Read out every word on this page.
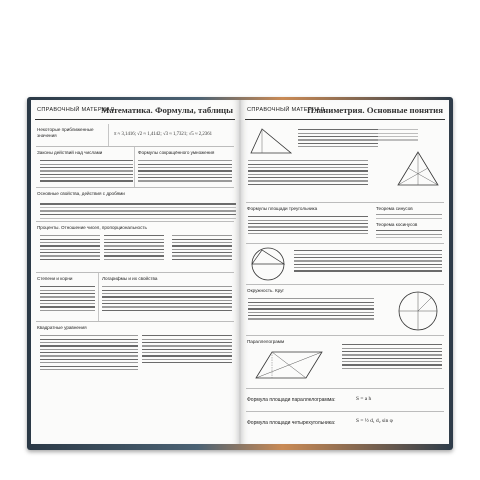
СПРАВОЧНЫЙ МАТЕРИАЛ
Математика. Формулы, таблицы
Некоторые приближенные значения	π ≈ 3,1416; √2 ≈ 1,4142; √3 ≈ 1,7321; √5 ≈ 2,2361
Законы действий над числами	Формулы сокращённого умножения
Основные свойства, действия с дробями
Проценты. Отношение чисел, пропорциональность
Степени и корни	Логарифмы и их свойства
Квадратные уравнения
СПРАВОЧНЫЙ МАТЕРИАЛ
Планиметрия. Основные понятия
Формулы площади треугольника	Теорема синусов
Теорема косинусов
Окружность. Круг
Параллелограмм
Формула площади параллелограмма:	S = a h
Формула площади четырехугольника:	S = ½ d₁ d₂ sin φ
